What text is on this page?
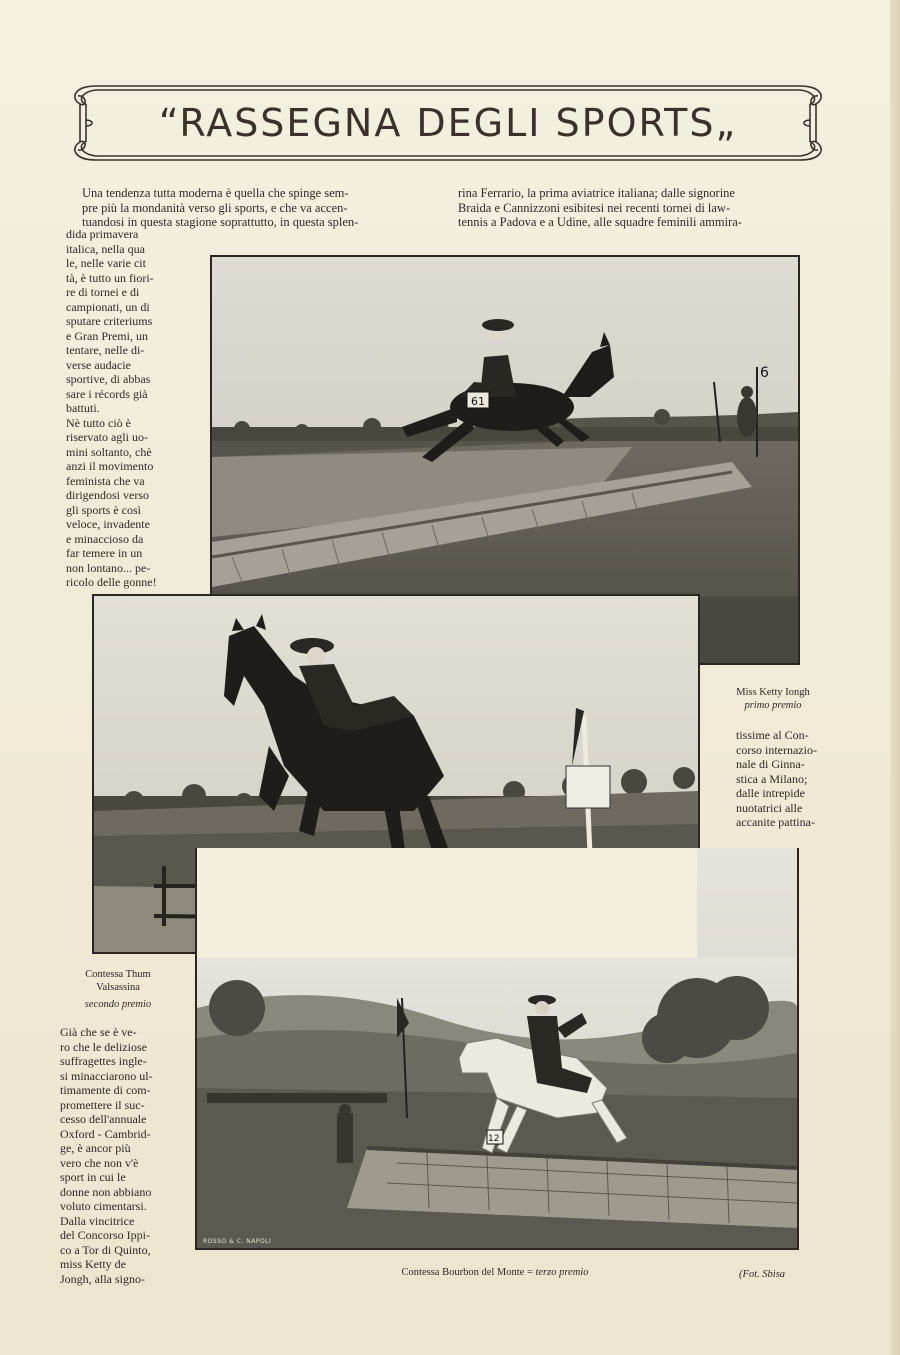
“RASSEGNA DEGLI SPORTS„
Una tendenza tutta moderna è quella che spinge sem-
pre più la mondanità verso gli sports, e che va accen-
tuandosi in questa stagione soprattutto, in questa splen-
rina Ferrario, la prima aviatrice italiana; dalle signorine
Braida e Cannizzoni esibitesi nei recenti tornei di law-
tennis a Padova e a Udine, alle squadre feminili ammira-
dida primavera
italica, nella qua
le, nelle varie cit
tà, è tutto un fiori-
re di tornei e di
campionati, un di
sputare criteriums
e Gran Premi, un
tentare, nelle di-
verse audacie
sportive, di abbas
sare i récords già
battuti.
Nè tutto ciò è
riservato agli uo-
mini soltanto, chè
anzi il movimento
feminista che va
dirigendosi verso
gli sports è così
veloce, invadente
e minaccioso da
far temere in un
non lontano... pe-
ricolo delle gonne!
6
61
Miss Ketty Iongh
primo premio
tissime al Con-
corso internazio-
nale di Ginna-
stica a Milano;
dalle intrepide
nuotatrici alle
accanite pattina-
Contessa Thum
Valsassina
secondo premio
Già che se è ve-
ro che le deliziose
suffragettes ingle-
si minacciarono ul-
timamente di com-
promettere il suc-
cesso dell'annuale
Oxford - Cambrid-
ge, è ancor più
vero che non v'è
sport in cui le
donne non abbiano
voluto cimentarsi.
Dalla vincitrice
del Concorso Ippi-
co a Tor di Quinto,
miss Ketty de
Jongh, alla signo-
12
ROSSO & C. NAPOLI
Contessa Bourbon del Monte = terzo premio	(Fot. Sbisa
